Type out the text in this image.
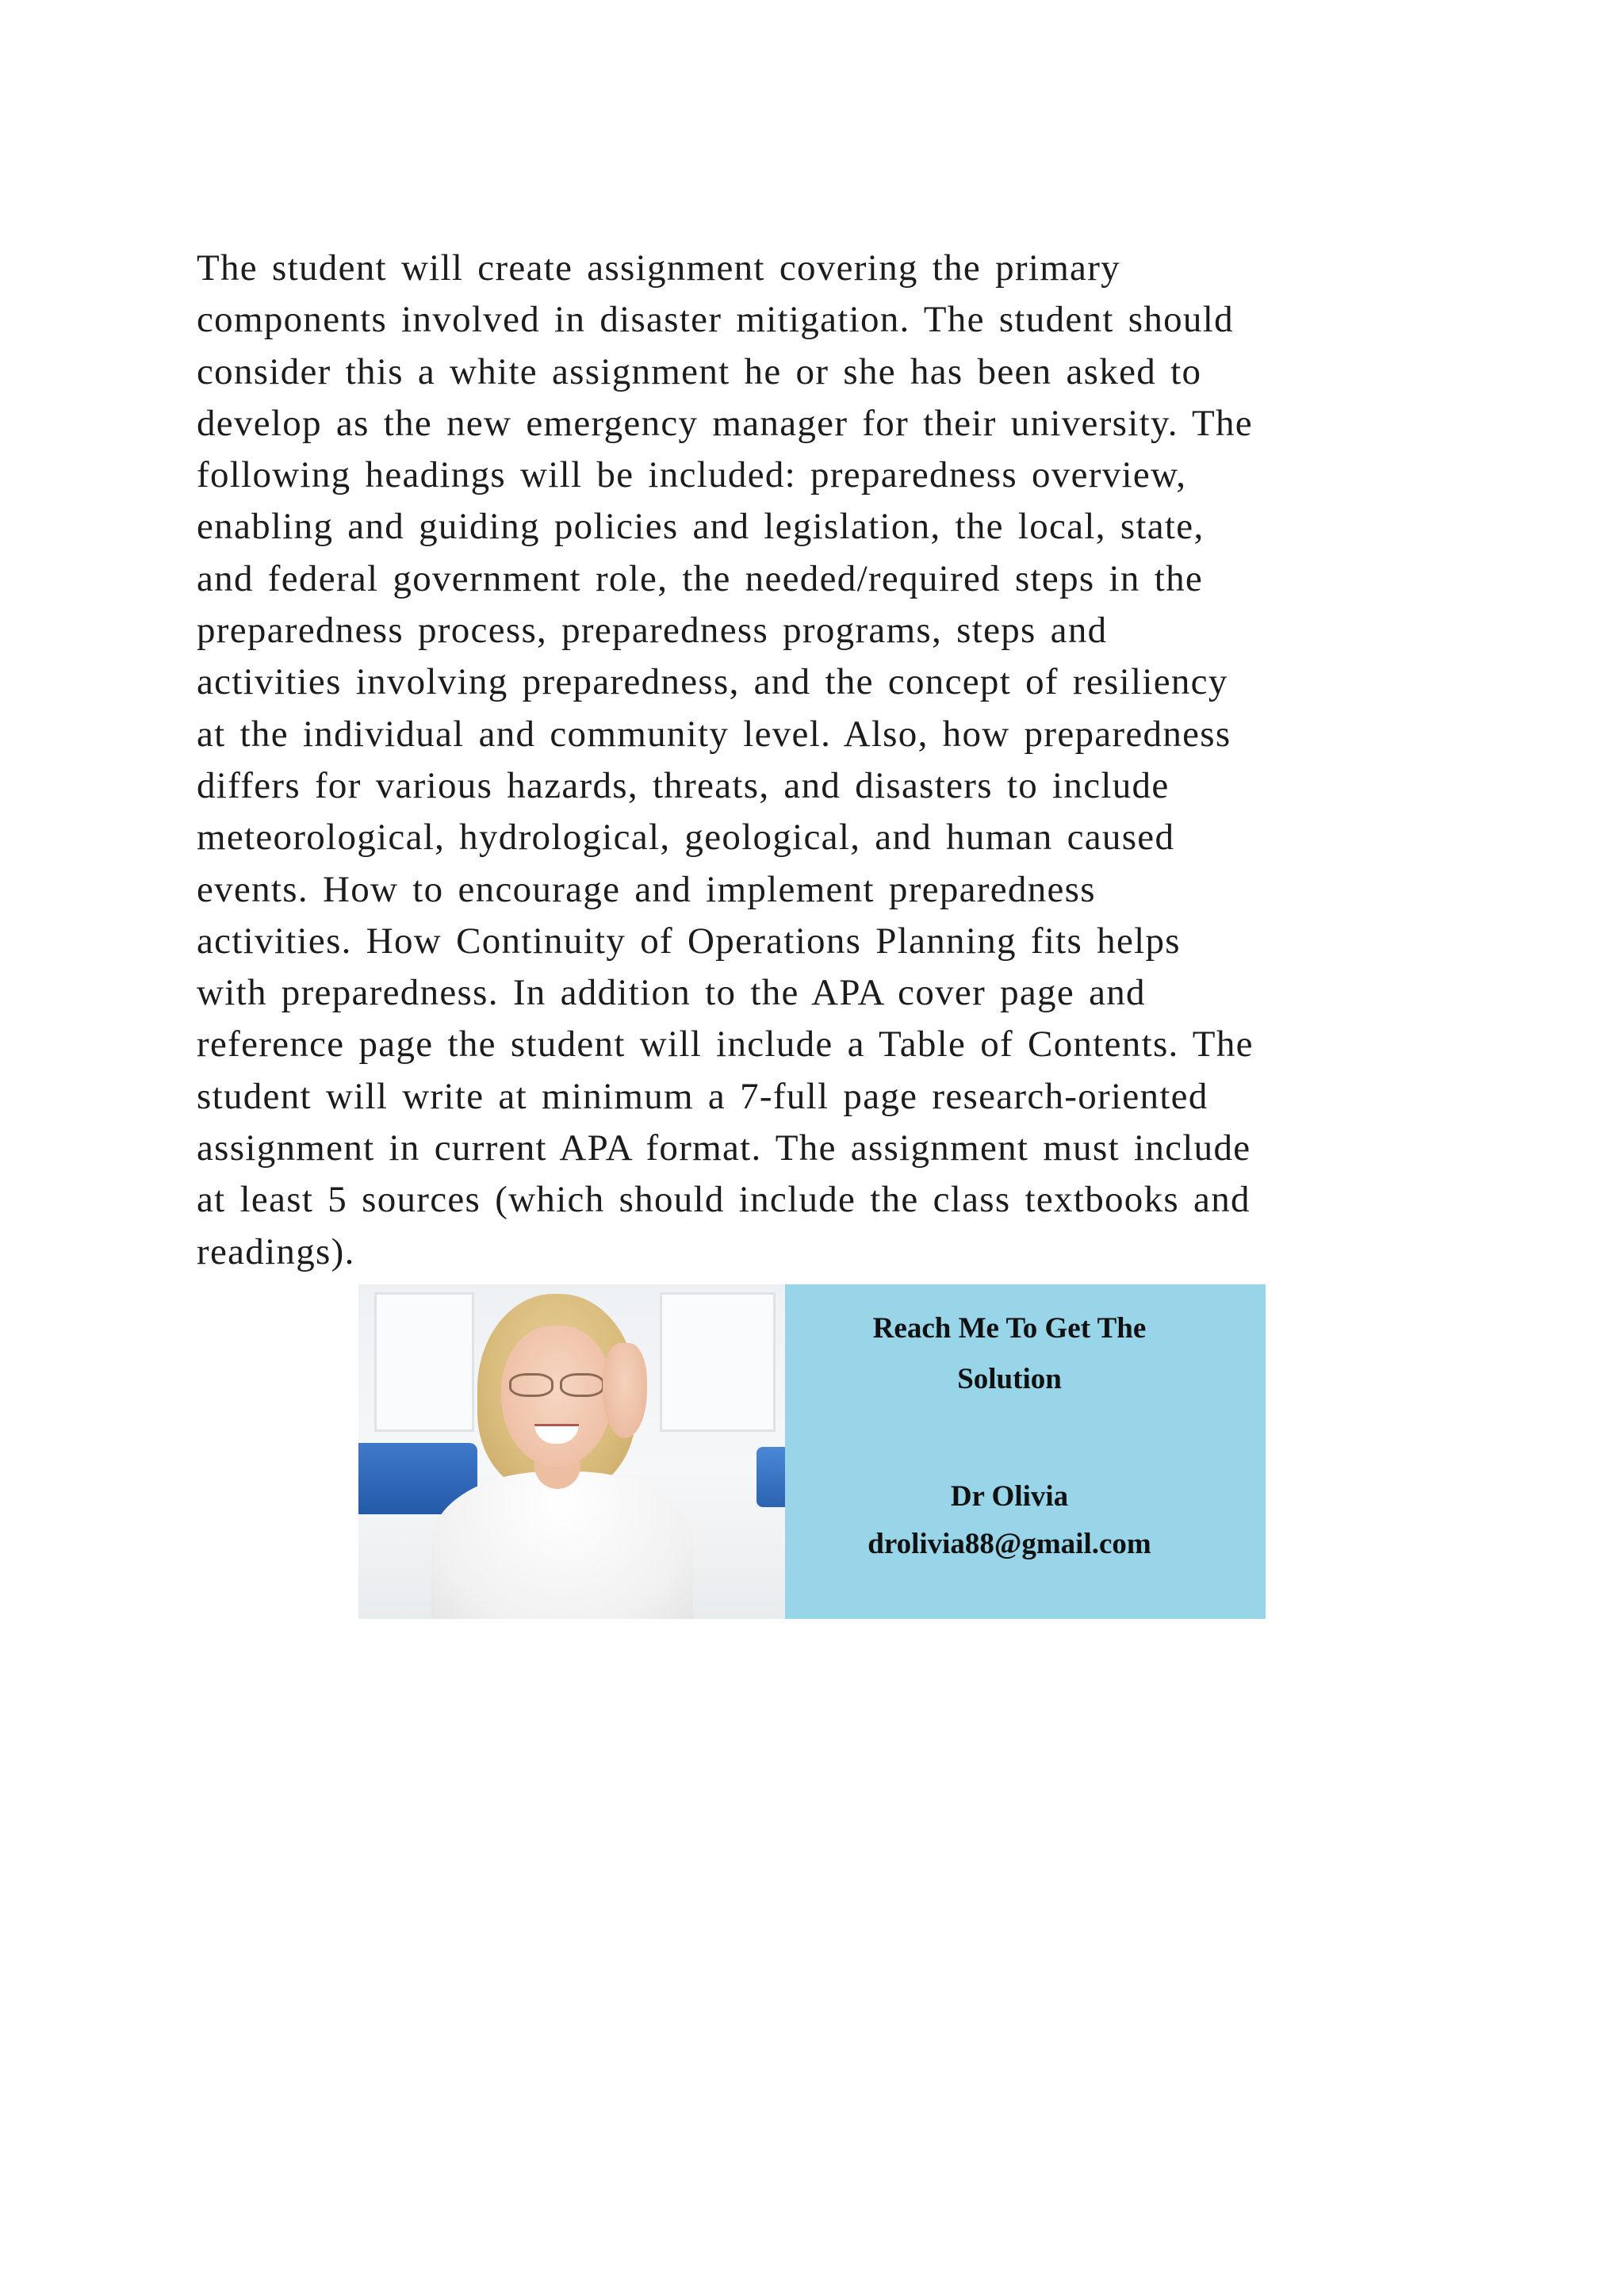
The student will create assignment covering the primary
components involved in disaster mitigation. The student should
consider this a white assignment he or she has been asked to
develop as the new emergency manager for their university. The
following headings will be included: preparedness overview,
enabling and guiding policies and legislation, the local, state,
and federal government role, the needed/required steps in the
preparedness process, preparedness programs, steps and
activities involving preparedness, and the concept of resiliency
at the individual and community level. Also, how preparedness
differs for various hazards, threats, and disasters to include
meteorological, hydrological, geological, and human caused
events. How to encourage and implement preparedness
activities. How Continuity of Operations Planning fits helps
with preparedness. In addition to the APA cover page and
reference page the student will include a Table of Contents. The
student will write at minimum a 7-full page research-oriented
assignment in current APA format. The assignment must include
at least 5 sources (which should include the class textbooks and
readings).

Reach Me To Get The
Solution
Dr Olivia
drolivia88@gmail.com
